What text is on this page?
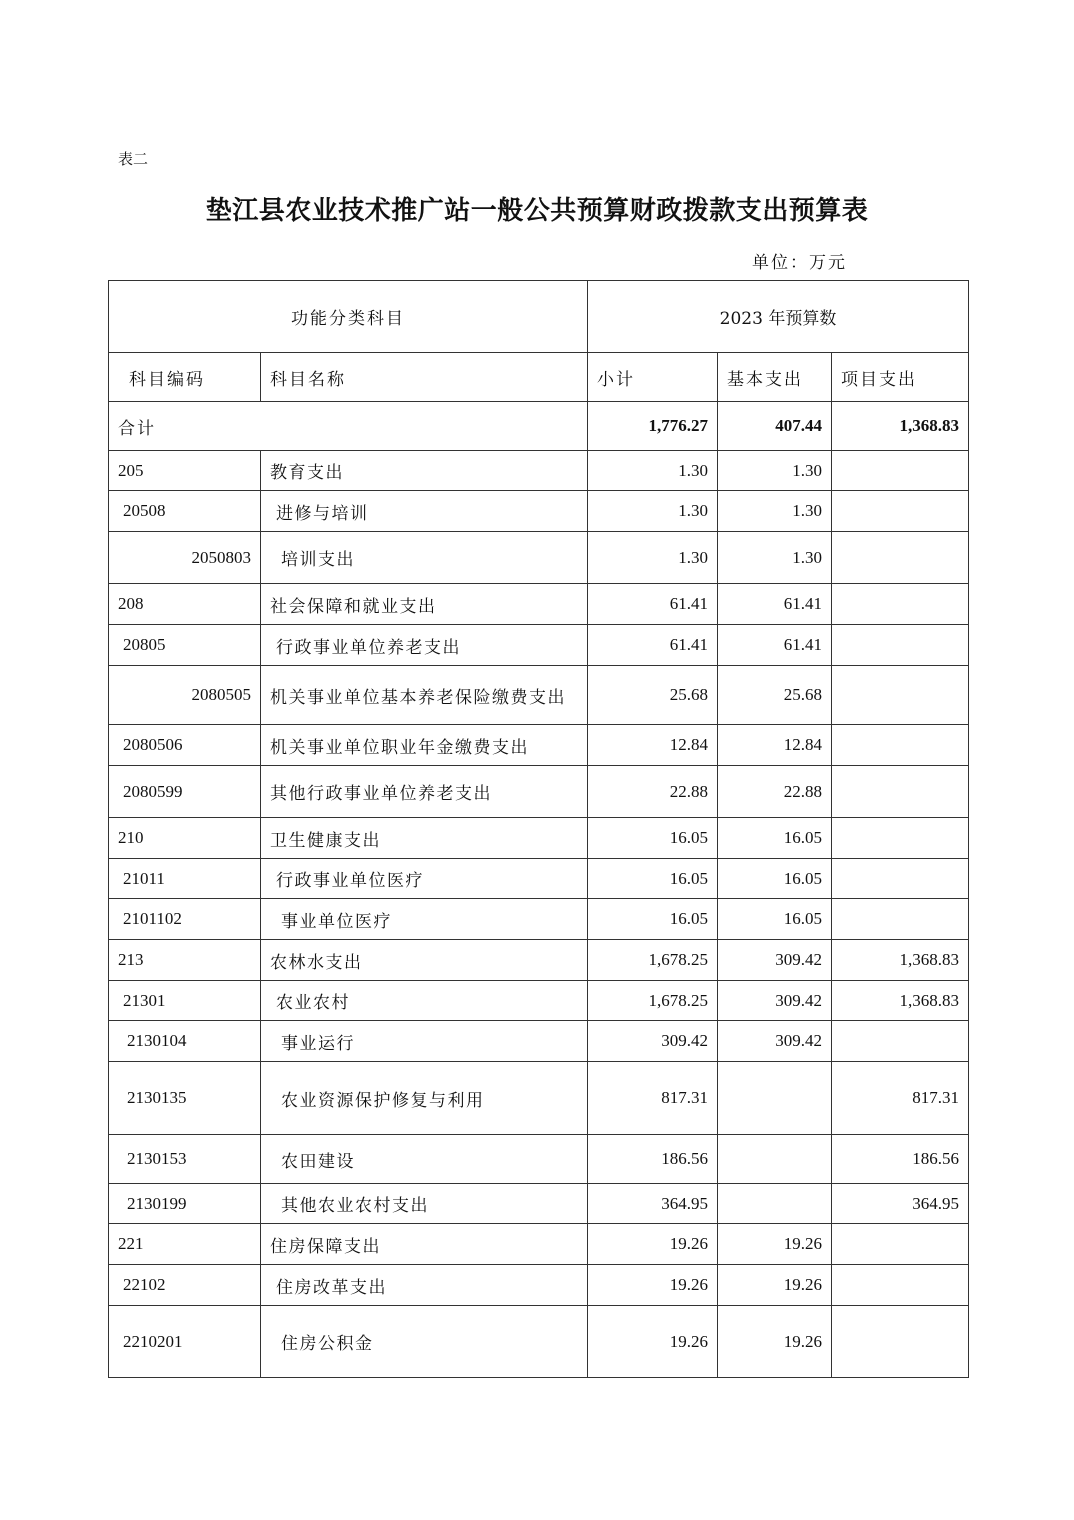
表二
垫江县农业技术推广站一般公共预算财政拨款支出预算表
单位：万元
功能分类科目		2023 年预算数		
科目编码	科目名称	小计	基本支出	项目支出
合计		1,776.27	407.44	1,368.83
205	教育支出	1.30	1.30	
20508	进修与培训	1.30	1.30	
2050803	培训支出	1.30	1.30	
208	社会保障和就业支出	61.41	61.41	
20805	行政事业单位养老支出	61.41	61.41	
2080505	机关事业单位基本养老保险缴费支出	25.68	25.68	
2080506	机关事业单位职业年金缴费支出	12.84	12.84	
2080599	其他行政事业单位养老支出	22.88	22.88	
210	卫生健康支出	16.05	16.05	
21011	行政事业单位医疗	16.05	16.05	
2101102	事业单位医疗	16.05	16.05	
213	农林水支出	1,678.25	309.42	1,368.83
21301	农业农村	1,678.25	309.42	1,368.83
2130104	事业运行	309.42	309.42	
2130135	农业资源保护修复与利用	817.31		817.31
2130153	农田建设	186.56		186.56
2130199	其他农业农村支出	364.95		364.95
221	住房保障支出	19.26	19.26	
22102	住房改革支出	19.26	19.26	
2210201	住房公积金	19.26	19.26	
